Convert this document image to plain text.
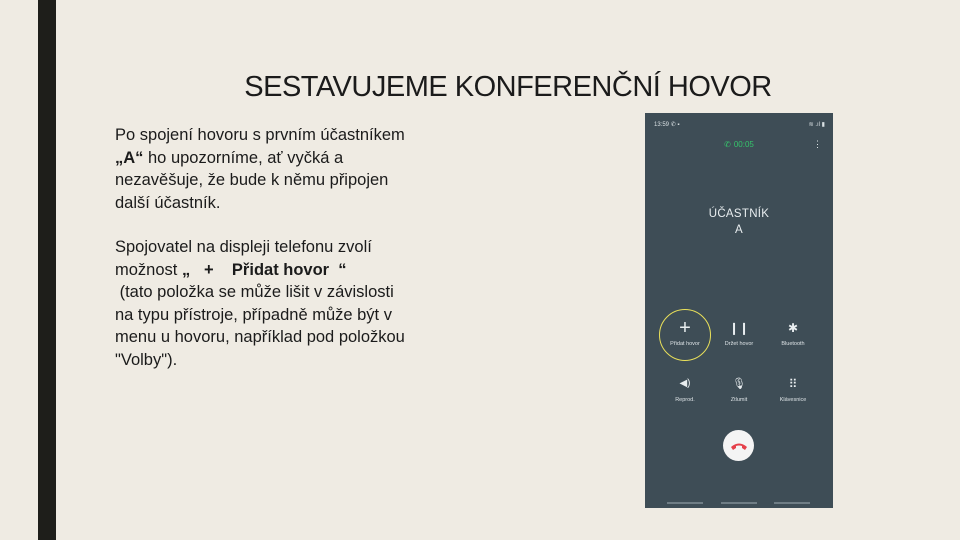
SESTAVUJEME KONFERENČNÍ HOVOR

Po spojení hovoru s prvním účastníkem

„A“ ho upozorníme, ať vyčká a

nezavěšuje, že bude k němu připojen

další účastník.

Spojovatel na displeji telefonu zvolí

možnost „   +    Přidat hovor  “

(tato položka se může lišit v závislosti

na typu přístroje, případně může být v

menu u hovoru, například pod položkou

"Volby").

13:59 ✆ ▪	≋ .ıl ▮
✆ 00:05	⋮
ÚČASTNÍK
A
+
Přidat hovor
❙❙
Držet hovor
✱
Bluetooth
◀)
Reprod.
🎙
Ztlumit
⠿
Klávesnice
